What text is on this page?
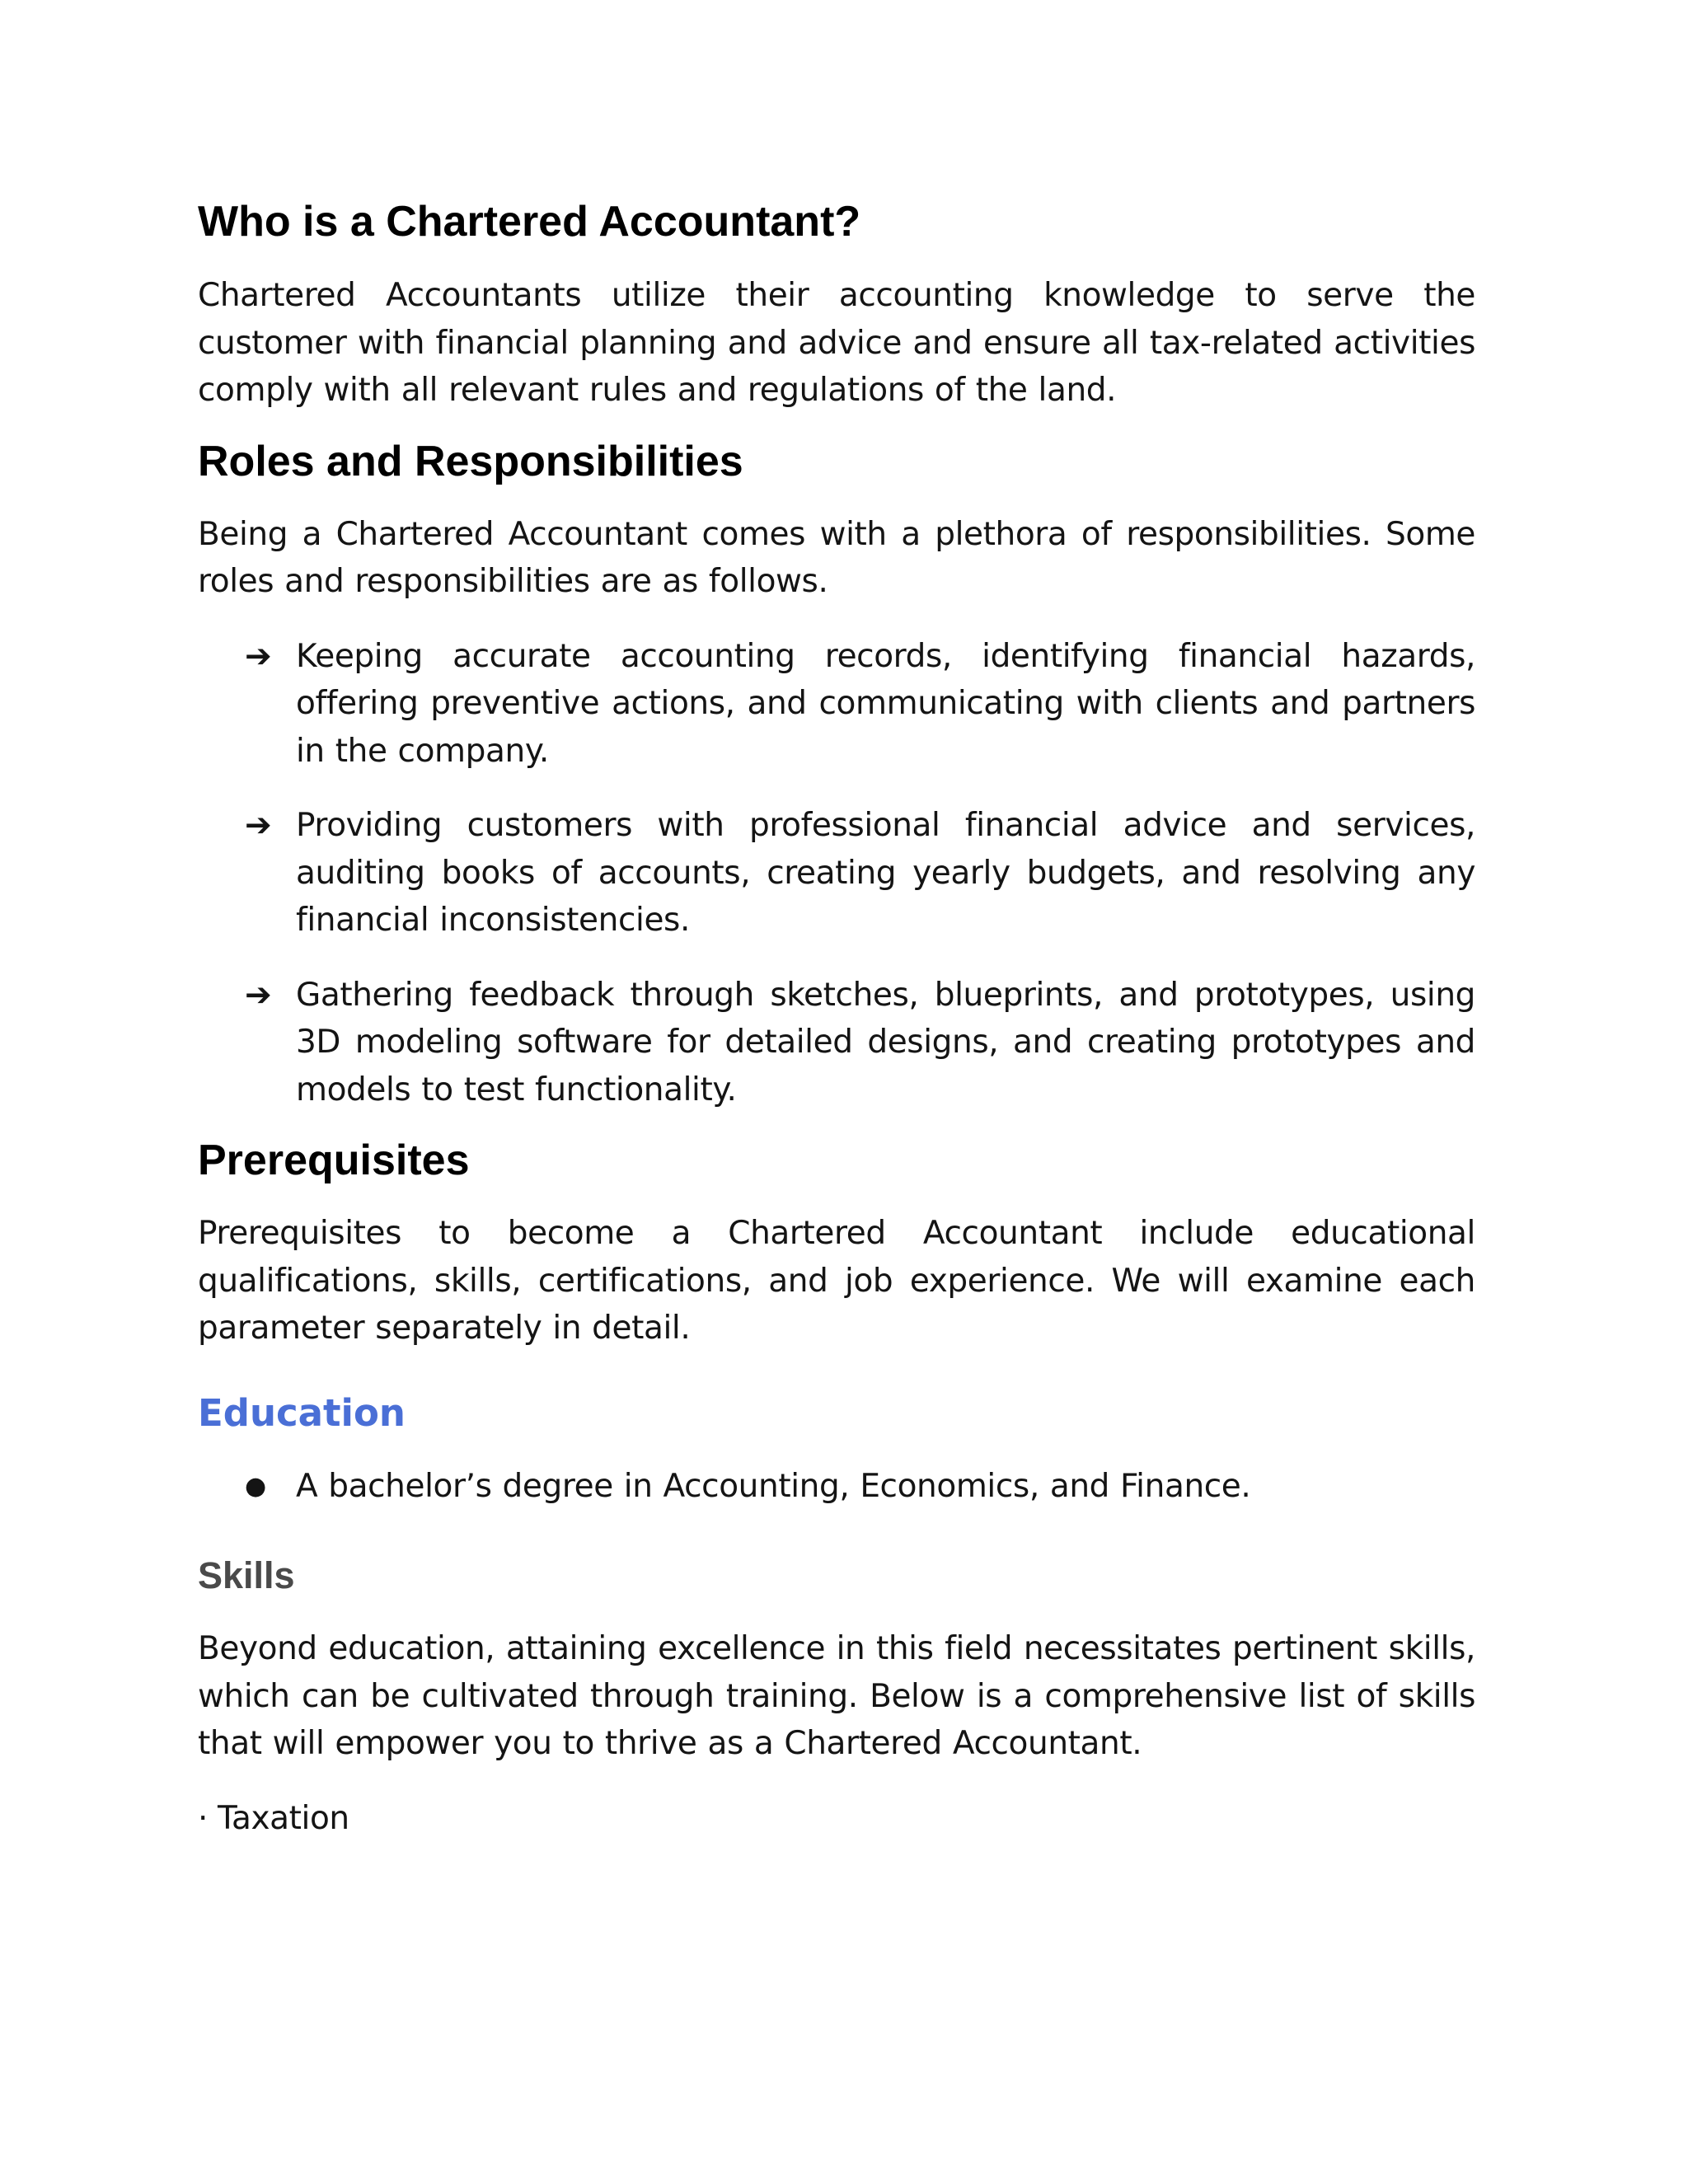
Who is a Chartered Accountant?

Chartered Accountants utilize their accounting knowledge to serve the customer with financial planning and advice and ensure all tax-related activities comply with all relevant rules and regulations of the land.

Roles and Responsibilities

Being a Chartered Accountant comes with a plethora of responsibilities. Some roles and responsibilities are as follows.

➔ Keeping accurate accounting records, identifying financial hazards, offering preventive actions, and communicating with clients and partners in the company.
➔ Providing customers with professional financial advice and services, auditing books of accounts, creating yearly budgets, and resolving any financial inconsistencies.
➔ Gathering feedback through sketches, blueprints, and prototypes, using 3D modeling software for detailed designs, and creating prototypes and models to test functionality.
Prerequisites

Prerequisites to become a Chartered Accountant include educational qualifications, skills, certifications, and job experience. We will examine each parameter separately in detail.

Education
● A bachelor’s degree in Accounting, Economics, and Finance.
Skills

Beyond education, attaining excellence in this field necessitates pertinent skills, which can be cultivated through training. Below is a comprehensive list of skills that will empower you to thrive as a Chartered Accountant.

· Taxation
